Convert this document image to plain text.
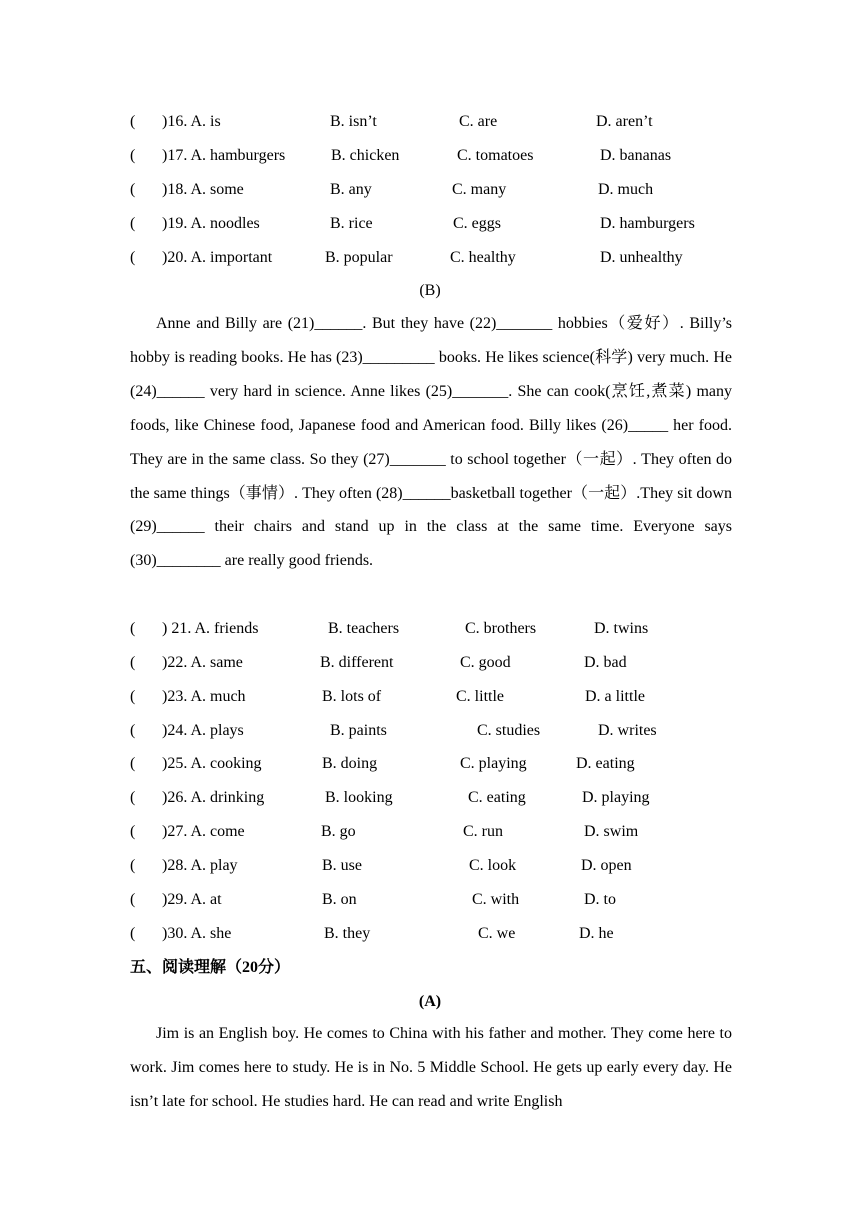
( )16. A. is	B. isn’t	C. are	D. aren’t
( )17. A. hamburgers	B. chicken	C. tomatoes	D. bananas
( )18. A. some	B. any	C. many	D. much
( )19. A. noodles	B. rice	C. eggs	D. hamburgers
( )20. A. important	B. popular	C. healthy	D. unhealthy
(B)
Anne and Billy are (21)______. But they have (22)_______ hobbies（爱好）. Billy’s hobby is reading books. He has (23)_________ books. He likes science(科学) very much. He (24)______ very hard in science. Anne likes (25)_______. She can cook(烹饪,煮菜) many foods, like Chinese food, Japanese food and American food. Billy likes (26)_____ her food. They are in the same class. So they (27)_______ to school together（一起）. They often do the same things（事情）. They often (28)______basketball together（一起）.They sit down (29)______ their chairs and stand up in the class at the same time. Everyone says (30)________ are really good friends.
( ) 21. A. friends	B. teachers	C. brothers	D. twins
( )22. A. same	B. different	C. good	D. bad
( )23. A. much	B. lots of	C. little	D. a little
( )24. A. plays	B. paints	C. studies	D. writes
( )25. A. cooking	B. doing	C. playing	D. eating
( )26. A. drinking	B. looking	C. eating	D. playing
( )27. A. come	B. go	C. run	D. swim
( )28. A. play	B. use	C. look	D. open
( )29. A. at	B. on	C. with	D. to
( )30. A. she	B. they	C. we	D. he
五、阅读理解（20分）
(A)
Jim is an English boy. He comes to China with his father and mother. They come here to work. Jim comes here to study. He is in No. 5 Middle School. He gets up early every day. He isn’t late for school. He studies hard. He can read and write English
